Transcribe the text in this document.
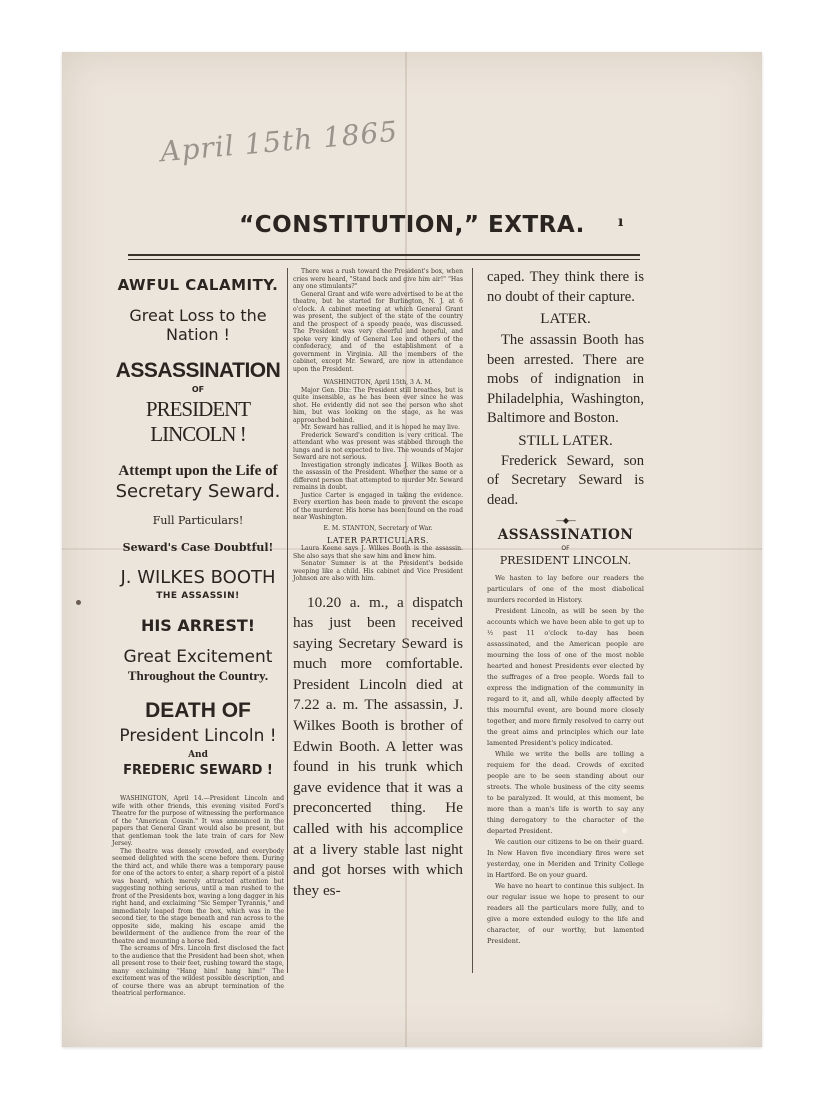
April 15th 1865
“CONSTITUTION,” EXTRA.	ı

AWFUL CALAMITY.

Great Loss to the Nation !

ASSASSINATION

OF

PRESIDENT LINCOLN !

Attempt upon the Life of

Secretary Seward.

Full Particulars!

Seward's Case Doubtful!

J. WILKES BOOTH

THE ASSASSIN!

HIS ARREST!

Great Excitement

Throughout the Country.

DEATH OF

President Lincoln !

And

FREDERIC SEWARD !

WASHINGTON, April 14.—President Lincoln and wife with other friends, this evening visited Ford's Theatre for the purpose of witnessing the performance of the "American Cousin." It was announced in the papers that General Grant would also be present, but that gentleman took the late train of cars for New Jersey.

The theatre was densely crowded, and everybody seemed delighted with the scene before them. During the third act, and while there was a temporary pause for one of the actors to enter, a sharp report of a pistol was heard, which merely attracted attention but suggesting nothing serious, until a man rushed to the front of the Presidents box, waving a long dagger in his right hand, and exclaiming "Sic Semper Tyrannis," and immediately leaped from the box, which was in the second tier, to the stage beneath and ran across to the opposite side, making his escape amid the bewilderment of the audience from the rear of the theatre and mounting a horse fled.

The screams of Mrs. Lincoln first disclosed the fact to the audience that the President had been shot, when all present rose to their feet, rushing toward the stage, many exclaiming "Hang him! hang him!" The excitement was of the wildest possible description, and of course there was an abrupt termination of the theatrical performance.

There was a rush toward the President's box, when cries were heard, "Stand back and give him air!" "Has any one stimulants?"

General Grant and wife were advertised to be at the theatre, but he started for Burlington, N. J. at 6 o'clock. A cabinet meeting at which General Grant was present, the subject of the state of the country and the prospect of a speedy peace, was discussed. The President was very cheerful and hopeful, and spoke very kindly of General Lee and others of the confederacy, and of the establishment of a government in Virginia. All the members of the cabinet, except Mr. Seward, are now in attendance upon the President.

WASHINGTON, April 15th, 3 A. M.

Major Gen. Dix: The President still breathes, but is quite insensible, as he has been ever since he was shot. He evidently did not see the person who shot him, but was looking on the stage, as he was approached behind.

Mr. Seward has rallied, and it is hoped he may live.

Frederick Seward's condition is very critical. The attendant who was present was stabbed through the lungs and is not expected to live. The wounds of Major Seward are not serious.

Investigation strongly indicates J. Wilkes Booth as the assassin of the President. Whether the same or a different person that attempted to murder Mr. Seward remains in doubt.

Justice Carter is engaged in taking the evidence. Every exertion has been made to prevent the escape of the murderer. His horse has been found on the road near Washington.

E. M. STANTON, Secretary of War.
LATER PARTICULARS.

Laura Keene says J. Wilkes Booth is the assassin. She also says that she saw him and knew him.

Senator Sumner is at the President's bedside weeping like a child. His cabinet and Vice President Johnson are also with him.

10.20 a. m., a dispatch has just been received saying Secretary Seward is much more comfortable. President Lincoln died at 7.22 a. m. The assassin, J. Wilkes Booth is brother of Edwin Booth. A letter was found in his trunk which gave evidence that it was a preconcerted thing. He called with his accomplice at a livery stable last night and got horses with which they es-

caped. They think there is no doubt of their capture.

LATER.

The assassin Booth has been arrested. There are mobs of indignation in Philadelphia, Washington, Baltimore and Boston.

STILL LATER.

Frederick Seward, son of Secretary Seward is dead.

—◆—

ASSASSINATION

OF

PRESIDENT LINCOLN.

We hasten to lay before our readers the particulars of one of the most diabolical murders recorded in History.

President Lincoln, as will be seen by the accounts which we have been able to get up to ½ past 11 o'clock to-day has been assassinated, and the American people are mourning the loss of one of the most noble hearted and honest Presidents ever elected by the suffrages of a free people. Words fail to express the indignation of the community in regard to it, and all, while deeply affected by this mournful event, are bound more closely together, and more firmly resolved to carry out the great aims and principles which our late lamented President's policy indicated.

While we write the bells are tolling a requiem for the dead. Crowds of excited people are to be seen standing about our streets. The whole business of the city seems to be paralyzed. It would, at this moment, be more than a man's life is worth to say any thing derogatory to the character of the departed President.

We caution our citizens to be on their guard. In New Haven five incendiary fires were set yesterday, one in Meriden and Trinity College in Hartford. Be on your guard.

We have no heart to continue this subject. In our regular issue we hope to present to our readers all the particulars more fully, and to give a more extended eulogy to the life and character, of our worthy, but lamented President.
